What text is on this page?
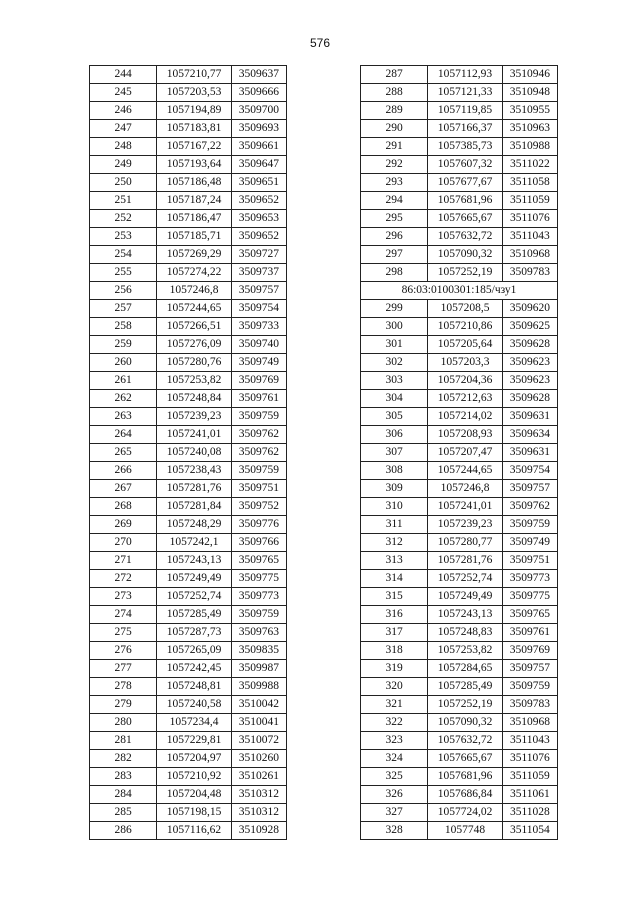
576
244	1057210,77	3509637
245	1057203,53	3509666
246	1057194,89	3509700
247	1057183,81	3509693
248	1057167,22	3509661
249	1057193,64	3509647
250	1057186,48	3509651
251	1057187,24	3509652
252	1057186,47	3509653
253	1057185,71	3509652
254	1057269,29	3509727
255	1057274,22	3509737
256	1057246,8	3509757
257	1057244,65	3509754
258	1057266,51	3509733
259	1057276,09	3509740
260	1057280,76	3509749
261	1057253,82	3509769
262	1057248,84	3509761
263	1057239,23	3509759
264	1057241,01	3509762
265	1057240,08	3509762
266	1057238,43	3509759
267	1057281,76	3509751
268	1057281,84	3509752
269	1057248,29	3509776
270	1057242,1	3509766
271	1057243,13	3509765
272	1057249,49	3509775
273	1057252,74	3509773
274	1057285,49	3509759
275	1057287,73	3509763
276	1057265,09	3509835
277	1057242,45	3509987
278	1057248,81	3509988
279	1057240,58	3510042
280	1057234,4	3510041
281	1057229,81	3510072
282	1057204,97	3510260
283	1057210,92	3510261
284	1057204,48	3510312
285	1057198,15	3510312
286	1057116,62	3510928
287	1057112,93	3510946
288	1057121,33	3510948
289	1057119,85	3510955
290	1057166,37	3510963
291	1057385,73	3510988
292	1057607,32	3511022
293	1057677,67	3511058
294	1057681,96	3511059
295	1057665,67	3511076
296	1057632,72	3511043
297	1057090,32	3510968
298	1057252,19	3509783
86:03:0100301:185/чзу1		
299	1057208,5	3509620
300	1057210,86	3509625
301	1057205,64	3509628
302	1057203,3	3509623
303	1057204,36	3509623
304	1057212,63	3509628
305	1057214,02	3509631
306	1057208,93	3509634
307	1057207,47	3509631
308	1057244,65	3509754
309	1057246,8	3509757
310	1057241,01	3509762
311	1057239,23	3509759
312	1057280,77	3509749
313	1057281,76	3509751
314	1057252,74	3509773
315	1057249,49	3509775
316	1057243,13	3509765
317	1057248,83	3509761
318	1057253,82	3509769
319	1057284,65	3509757
320	1057285,49	3509759
321	1057252,19	3509783
322	1057090,32	3510968
323	1057632,72	3511043
324	1057665,67	3511076
325	1057681,96	3511059
326	1057686,84	3511061
327	1057724,02	3511028
328	1057748	3511054
